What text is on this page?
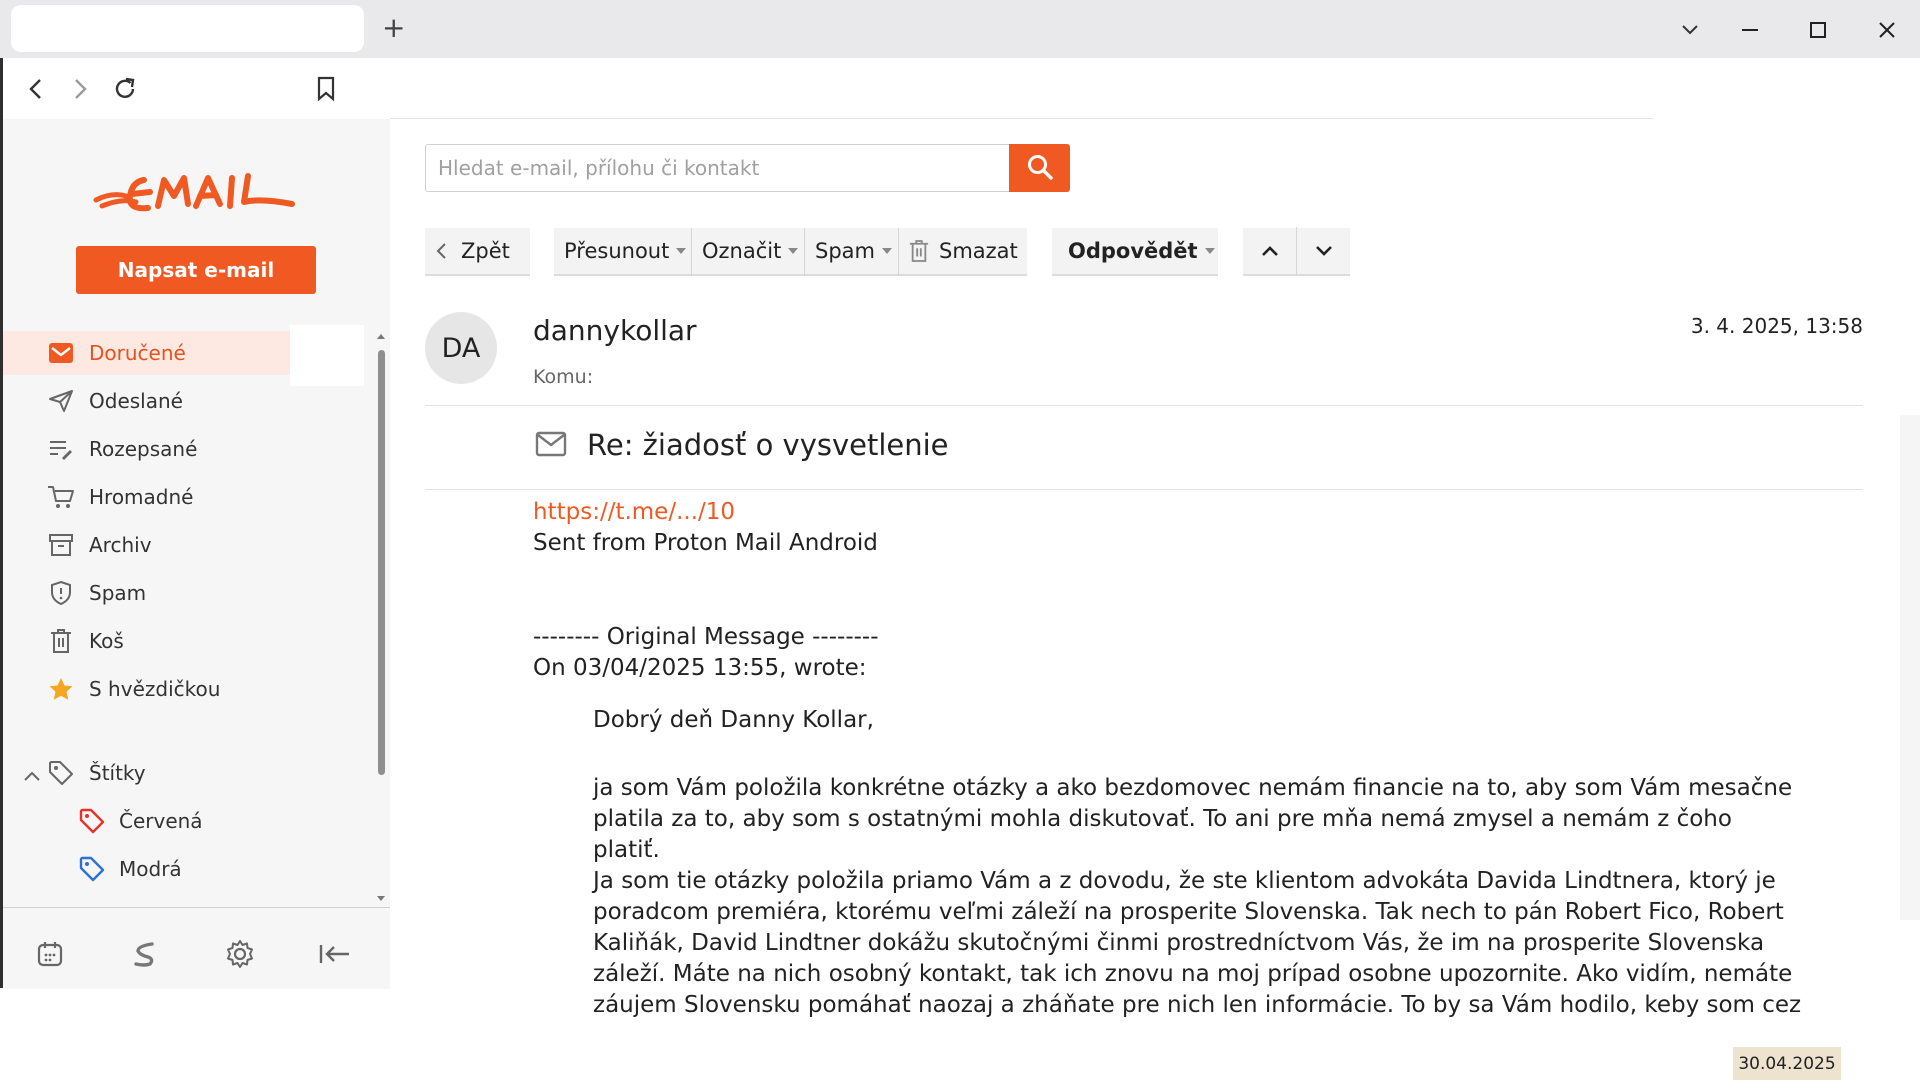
+
Napsat e-mail
Doručené
Odeslané
Rozepsané
Hromadné
Archiv
Spam
Koš
S hvězdičkou
Štítky
Červená
Modrá
Hledat e-mail, přílohu či kontakt
Zpět	Přesunout Označit Spam	Smazat Odpovědět
DA
dannykollar
Komu:
3. 4. 2025, 13:58
Re: žiadosť o vysvetlenie
https://t.me/.../10
Sent from Proton Mail Android
-------- Original Message --------
On 03/04/2025 13:55, wrote:
Dobrý deň Danny Kollar,
ja som Vám položila konkrétne otázky a ako bezdomovec nemám financie na to, aby som Vám mesačne
platila za to, aby som s ostatnými mohla diskutovať. To ani pre mňa nemá zmysel a nemám z čoho platiť.
Ja som tie otázky položila priamo Vám a z dovodu, že ste klientom advokáta Davida Lindtnera, ktorý je
poradcom premiéra, ktorému veľmi záleží na prosperite Slovenska. Tak nech to pán Robert Fico, Robert
Kaliňák, David Lindtner dokážu skutočnými činmi prostredníctvom Vás, že im na prosperite Slovenska
záleží. Máte na nich osobný kontakt, tak ich znovu na moj prípad osobne upozornite. Ako vidím, nemáte
záujem Slovensku pomáhať naozaj a zháňate pre nich len informácie. To by sa Vám hodilo, keby som cez
30.04.2025
